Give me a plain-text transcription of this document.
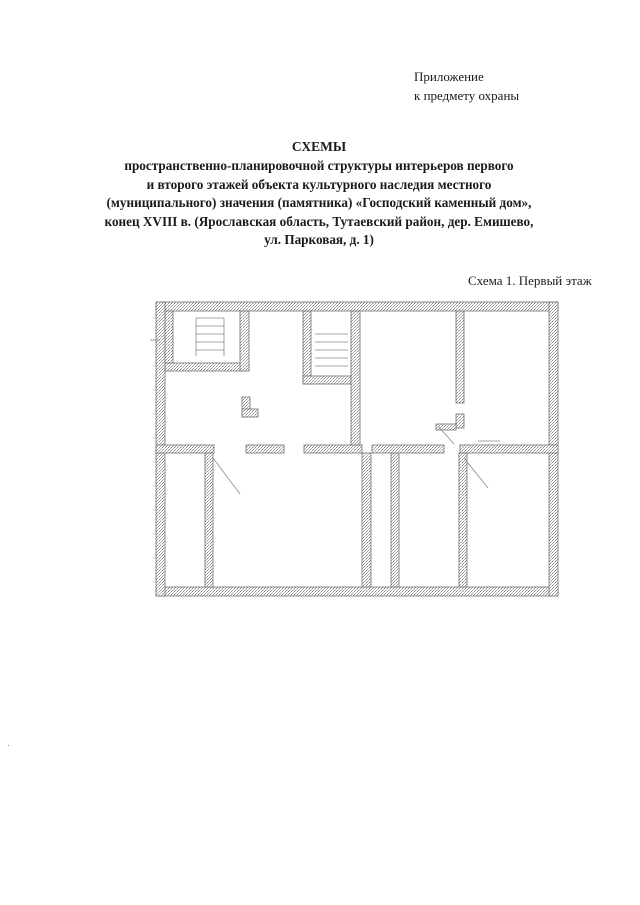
Приложение
к предмету охраны
СХЕМЫ
пространственно-планировочной структуры интерьеров первого
и второго этажей объекта культурного наследия местного
(муниципального) значения (памятника) «Господский каменный дом»,
конец XVIII в. (Ярославская область, Тутаевский район, дер. Емишево,
ул. Парковая, д. 1)
Схема 1. Первый этаж
